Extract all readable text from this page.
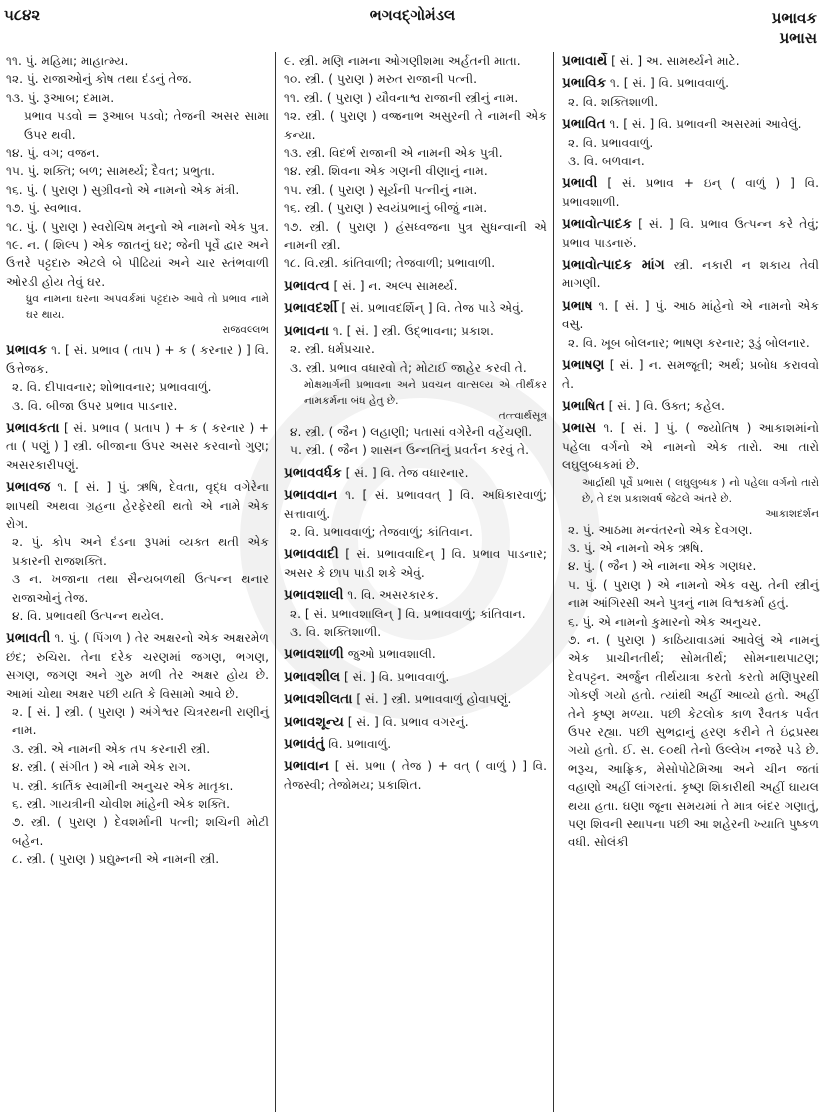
૫૮૪૨	ભગવદ્ગોમંડલ	પ્રભાવક
પ્રભાસ
૧૧. પું. મહિમા; માહાત્મ્ય.
૧૨. પું. રાજાઓનું કોષ તથા દંડનું તેજ.
૧૩. પું. રૂઆબ; દમામ.
પ્રભાવ પડવો = રૂઆબ પડવો; તેજની અસર સામા ઉપર થવી.
૧૪. પું. વગ; વજન.
૧૫. પું. શક્તિ; બળ; સામર્થ્ય; દૈવત; પ્રભુતા.
૧૬. પું. ( પુરાણ ) સુગ્રીવનો એ નામનો એક મંત્રી.
૧૭. પું. સ્વભાવ.
૧૮. પું. ( પુરાણ ) સ્વરોચિષ મનુનો એ નામનો એક પુત્ર.
૧૯. ન. ( શિલ્પ ) એક જાતનું ઘર; જેની પૂર્વે દ્વાર અને ઉત્તરે પટ્ટદારુ એટલે બે પીઢિયાં અને ચાર સ્તંભવાળી ઓરડી હોય તેવું ઘર.
ધ્રુવ નામના ઘરના અપવર્કમાં પટ્ટદારુ આવે તો પ્રભાવ નામે ઘર થાય.
રાજવલ્લભ
પ્રભાવક ૧. [ સં. પ્રભાવ ( તાપ ) + ક ( કરનાર ) ] વિ. ઉત્તેજક.
૨. વિ. દીપાવનાર; શોભાવનાર; પ્રભાવવાળું.
૩. વિ. બીજા ઉપર પ્રભાવ પાડનાર.
પ્રભાવકતા [ સં. પ્રભાવ ( પ્રતાપ ) + ક ( કરનાર ) + તા ( પણું ) ] સ્ત્રી. બીજાના ઉપર અસર કરવાનો ગુણ; અસરકારીપણું.
પ્રભાવજ ૧. [ સં. ] પું. ઋષિ, દેવતા, વૃદ્ધ વગેરેના શાપથી અથવા ગ્રહના હેરફેરથી થતો એ નામે એક રોગ.
૨. પું. કોપ અને દંડના રૂપમાં વ્યક્ત થતી એક પ્રકારની રાજશક્તિ.
૩ ન. ખજાના તથા સૈન્યબળથી ઉત્પન્ન થનાર રાજાઓનું તેજ.
૪. વિ. પ્રભાવથી ઉત્પન્ન થયેલ.
પ્રભાવતી ૧. પું. ( પિંગળ ) તેર અક્ષરનો એક અક્ષરમેળ છંદ; રુચિરા. તેના દરેક ચરણમાં જગણ, ભગણ, સગણ, જગણ અને ગુરુ મળી તેર અક્ષર હોય છે. આમાં ચોથા અક્ષર પછી યતિ કે વિસામો આવે છે.
૨. [ સં. ] સ્ત્રી. ( પુરાણ ) અંગેશ્વર ચિત્રરથની રાણીનું નામ.
૩. સ્ત્રી. એ નામની એક તપ કરનારી સ્ત્રી.
૪. સ્ત્રી. ( સંગીત ) એ નામે એક રાગ.
૫. સ્ત્રી. કાર્તિક સ્વામીની અનુચર એક માતૃકા.
૬. સ્ત્રી. ગાયત્રીની ચોવીશ માંહેની એક શક્તિ.
૭. સ્ત્રી. ( પુરાણ ) દેવશર્માની પત્ની; શચિની મોટી બહેન.
૮. સ્ત્રી. ( પુરાણ ) પ્રદ્યુમ્નની એ નામની સ્ત્રી.
૯. સ્ત્રી. મણિ નામના ઓગણીશમા અર્હતની માતા.
૧૦. સ્ત્રી. ( પુરાણ ) મરુત રાજાની પત્ની.
૧૧. સ્ત્રી. ( પુરાણ ) યૌવનાશ્વ રાજાની સ્ત્રીનું નામ.
૧૨. સ્ત્રી. ( પુરાણ ) વજ્રનાભ અસુરની તે નામની એક કન્યા.
૧૩. સ્ત્રી. વિદર્ભ રાજાની એ નામની એક પુત્રી.
૧૪. સ્ત્રી. શિવના એક ગણની વીણાનું નામ.
૧૫. સ્ત્રી. ( પુરાણ ) સૂર્યની પત્નીનું નામ.
૧૬. સ્ત્રી. ( પુરાણ ) સ્વયંપ્રભાનું બીજું નામ.
૧૭. સ્ત્રી. ( પુરાણ ) હંસધ્વજના પુત્ર સુધન્વાની એ નામની સ્ત્રી.
૧૮. વિ.સ્ત્રી. કાંતિવાળી; તેજવાળી; પ્રભાવાળી.
પ્રભાવત્વ [ સં. ] ન. અલ્પ સામર્થ્ય.
પ્રભાવદર્શી [ સં. પ્રભાવદર્શિન્ ] વિ. તેજ પાડે એવું.
પ્રભાવના ૧. [ સં. ] સ્ત્રી. ઉદ્ભાવના; પ્રકાશ.
૨. સ્ત્રી. ધર્મપ્રચાર.
૩. સ્ત્રી. પ્રભાવ વધારવો તે; મોટાઈ જાહેર કરવી તે.
મોક્ષમાર્ગની પ્રભાવના અને પ્રવચન વાત્સલ્ય એ તીર્થંકર નામકર્મના બંધ હેતુ છે.
તત્ત્વાર્થસૂત્ર
૪. સ્ત્રી. ( જૈન ) લહાણી; પતાસાં વગેરેની વહેંચણી.
૫. સ્ત્રી. ( જૈન ) શાસન ઉન્નતિનું પ્રવર્તન કરવું તે.
પ્રભાવવર્ધક [ સં. ] વિ. તેજ વધારનાર.
પ્રભાવવાન ૧. [ સં. પ્રભાવવત્ ] વિ. અધિકારવાળું; સત્તાવાળું.
૨. વિ. પ્રભાવવાળું; તેજવાળું; કાંતિવાન.
પ્રભાવવાદી [ સં. પ્રભાવવાદિન્ ] વિ. પ્રભાવ પાડનાર; અસર કે છાપ પાડી શકે એવું.
પ્રભાવશાલી ૧. વિ. અસરકારક.
૨. [ સં. પ્રભાવશાલિન્ ] વિ. પ્રભાવવાળું; કાંતિવાન.
૩. વિ. શક્તિશાળી.
પ્રભાવશાળી જુઓ પ્રભાવશાલી.
પ્રભાવશીલ [ સં. ] વિ. પ્રભાવવાળું.
પ્રભાવશીલતા [ સં. ] સ્ત્રી. પ્રભાવવાળું હોવાપણું.
પ્રભાવશૂન્ય [ સં. ] વિ. પ્રભાવ વગરનું.
પ્રભાવંતું વિ. પ્રભાવાળું.
પ્રભાવાન [ સં. પ્રભા ( તેજ ) + વત્ ( વાળું ) ] વિ. તેજસ્વી; તેજોમય; પ્રકાશિત.
પ્રભાવાર્થે [ સં. ] અ. સામર્થ્યને માટે.
પ્રભાવિક ૧. [ સં. ] વિ. પ્રભાવવાળું.
૨. વિ. શક્તિશાળી.
પ્રભાવિત ૧. [ સં. ] વિ. પ્રભાવની અસરમાં આવેલું.
૨. વિ. પ્રભાવવાળું.
૩. વિ. બળવાન.
પ્રભાવી [ સં. પ્રભાવ + ઇન્ ( વાળું ) ] વિ. પ્રભાવશાળી.
પ્રભાવોત્પાદક [ સં. ] વિ. પ્રભાવ ઉત્પન્ન કરે તેવું; પ્રભાવ પાડનારું.
પ્રભાવોત્પાદક માંગ સ્ત્રી. નકારી ન શકાય તેવી માગણી.
પ્રભાષ ૧. [ સં. ] પું. આઠ માંહેનો એ નામનો એક વસુ.
૨. વિ. ખૂબ બોલનાર; ભાષણ કરનાર; રૂડું બોલનાર.
પ્રભાષણ [ સં. ] ન. સમજૂતી; અર્થ; પ્રબોધ કરાવવો તે.
પ્રભાષિત [ સં. ] વિ. ઉક્ત; કહેલ.
પ્રભાસ ૧. [ સં. ] પું. ( જ્યોતિષ ) આકાશમાંનો પહેલા વર્ગનો એ નામનો એક તારો. આ તારો લઘુલુબ્ધકમાં છે.
આર્દ્રાથી પૂર્વે પ્રભાસ ( લઘુલુબ્ધક ) નો પહેલા વર્ગનો તારો છે, તે દશ પ્રકાશવર્ષ જેટલે અંતરે છે.
આકાશદર્શન
૨. પું. આઠમા મન્વંતરનો એક દેવગણ.
૩. પું. એ નામનો એક ઋષિ.
૪. પું. ( જૈન ) એ નામના એક ગણધર.
૫. પું. ( પુરાણ ) એ નામનો એક વસુ. તેની સ્ત્રીનું નામ આંગિરસી અને પુત્રનું નામ વિશ્વકર્મા હતું.
૬. પું. એ નામનો કુમારનો એક અનુચર.
૭. ન. ( પુરાણ ) કાઠિયાવાડમાં આવેલું એ નામનું એક પ્રાચીનતીર્થ; સોમતીર્થ; સોમનાથપાટણ; દેવપટ્ટન. અર્જુન તીર્થયાત્રા કરતો કરતો મણિપુરથી ગોકર્ણ ગયો હતો. ત્યાંથી અહીં આવ્યો હતો. અહીં તેને કૃષ્ણ મળ્યા. પછી કેટલોક કાળ રૈવતક પર્વત ઉપર રહ્યા. પછી સુભદ્રાનું હરણ કરીને તે ઇંદ્રપ્રસ્થ ગયો હતો. ઈ. સ. ૯૦થી તેનો ઉલ્લેખ નજરે પડે છે. ભરૂચ, આફ્રિક, મેસોપોટેમિઆ અને ચીન જતાં વહાણો અહીં લાંગરતાં. કૃષ્ણ શિકારીથી અહીં ઘાયલ થયા હતા. ઘણા જૂના સમયમાં તે માત્ર બંદર ગણાતું, પણ શિવની સ્થાપના પછી આ શહેરની ખ્યાતિ પુષ્કળ વધી. સોલંકી
